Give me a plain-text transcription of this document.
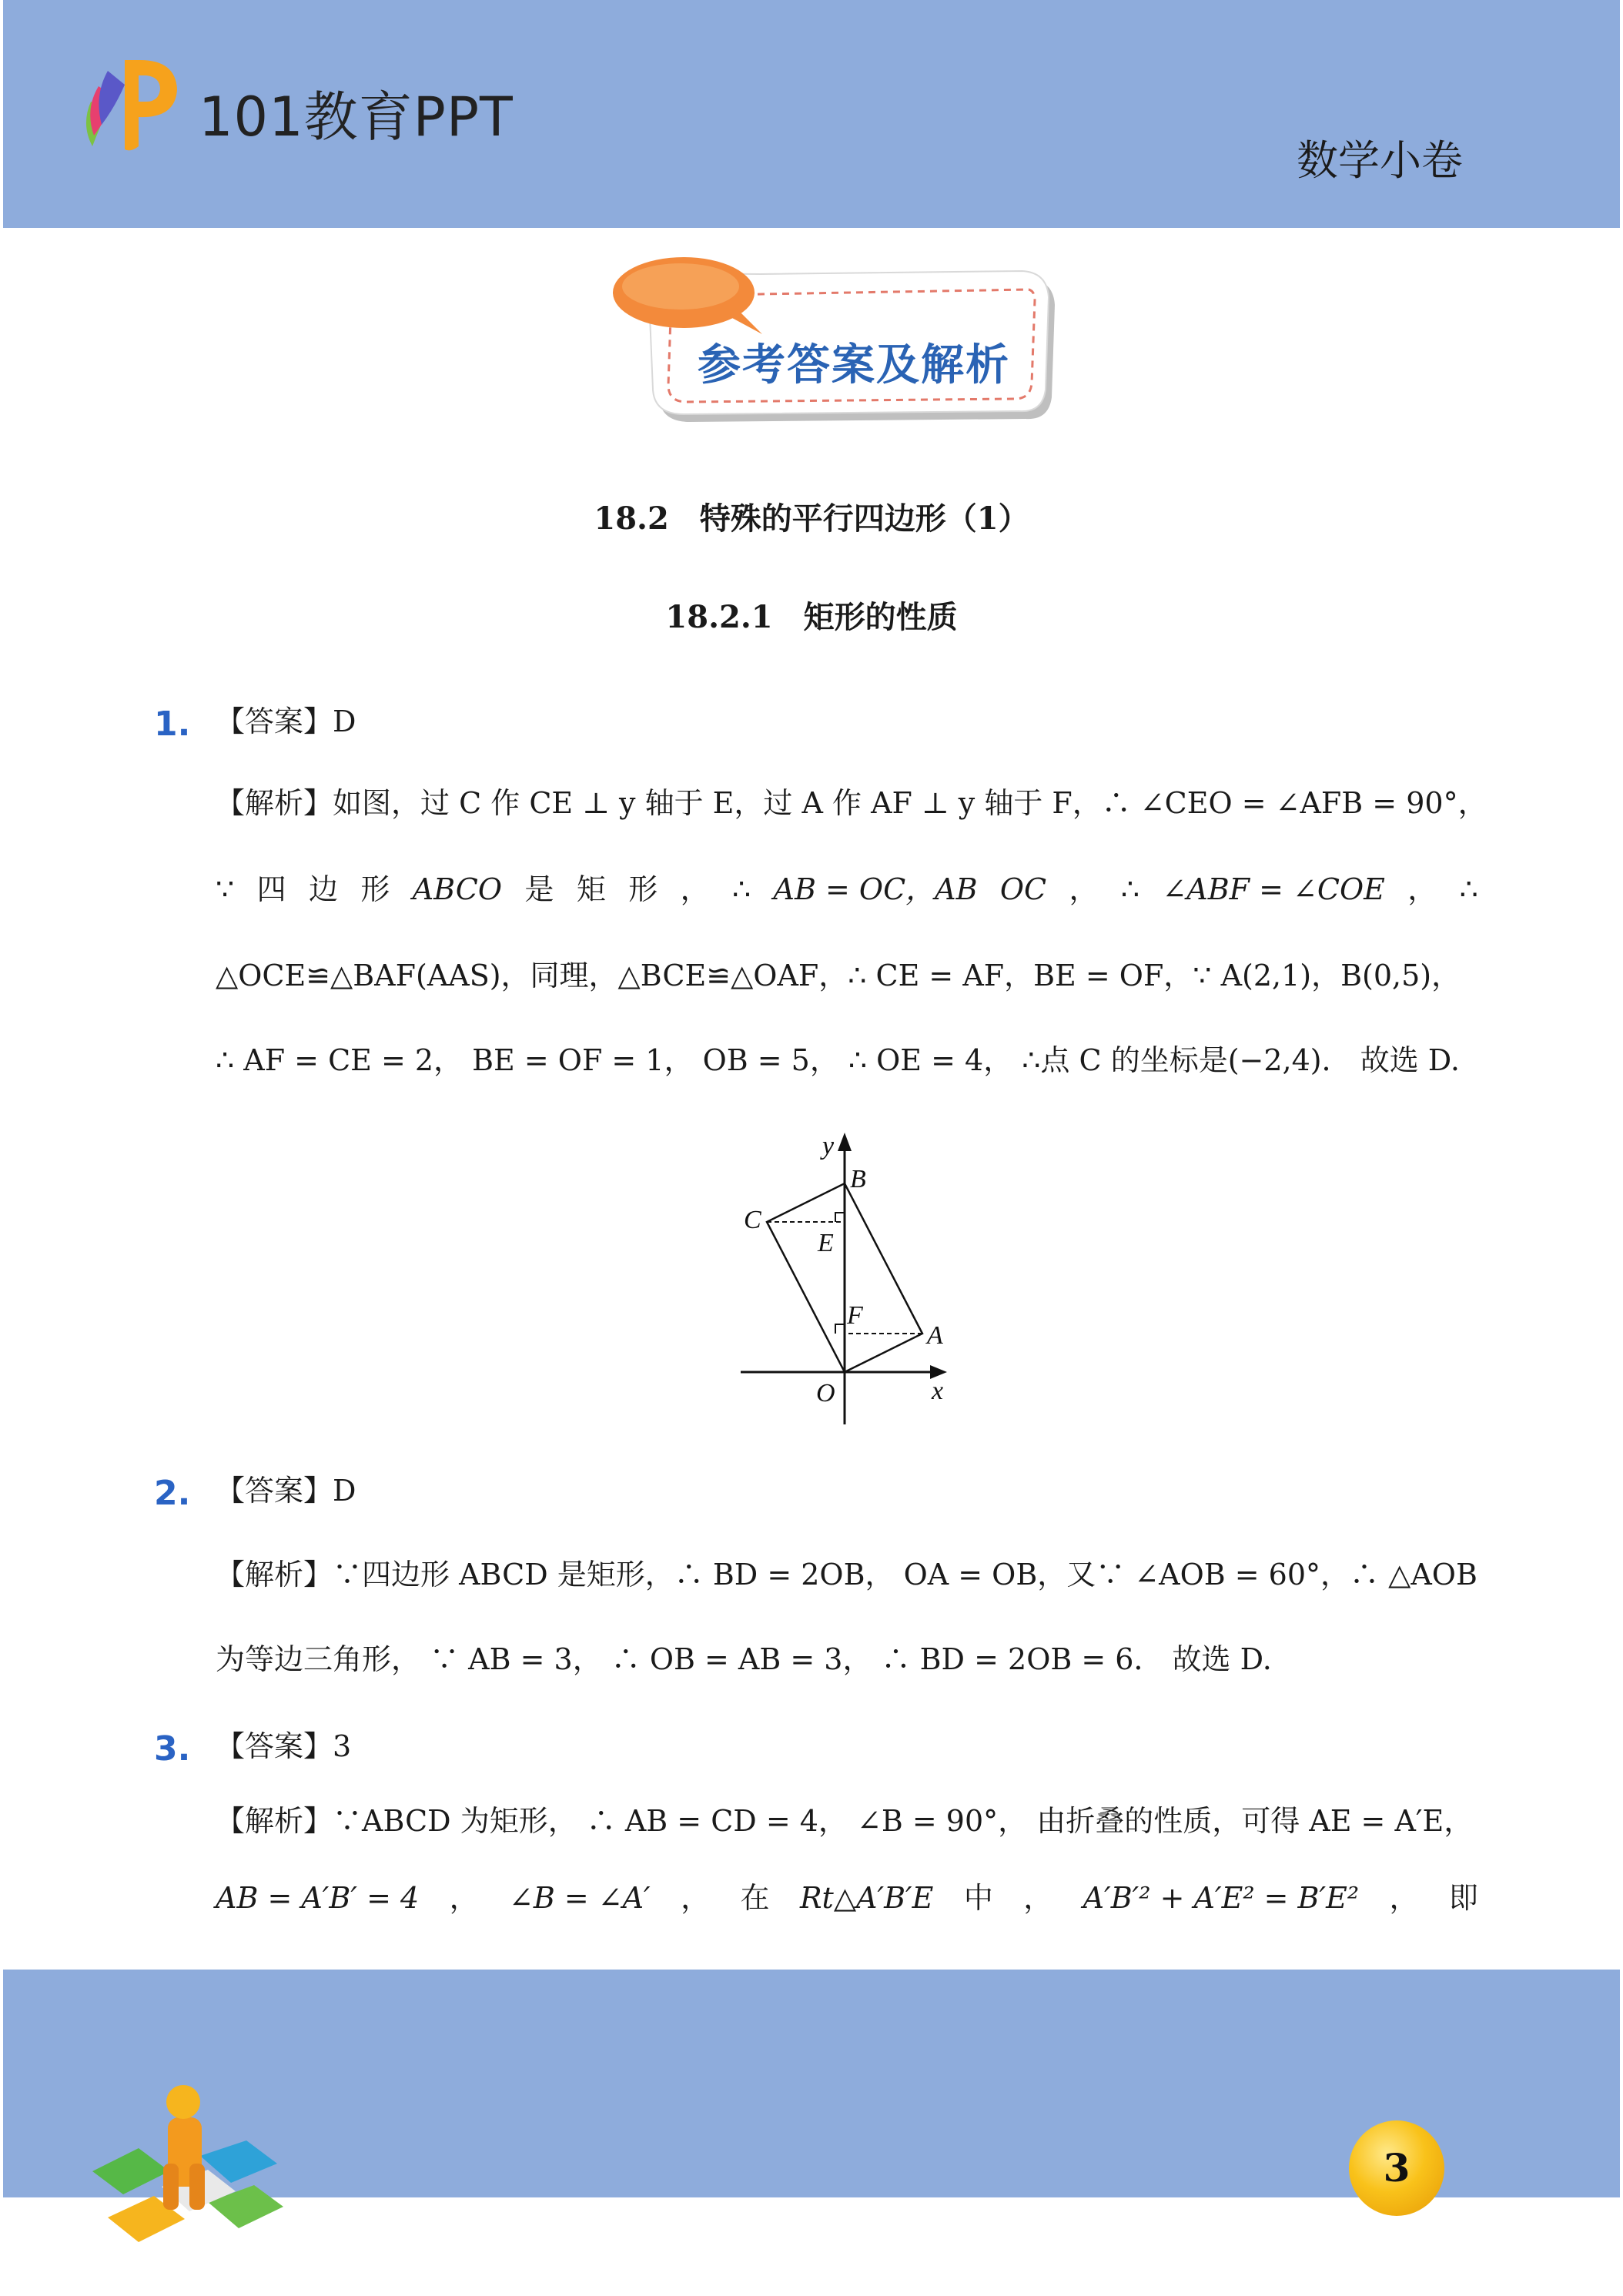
101教育PPT
数学小卷
参考答案及解析
18.2　特殊的平行四边形（1）
18.2.1　矩形的性质
1. 【答案】D
【解析】如图，过 C 作 CE ⊥ y 轴于 E，过 A 作 AF ⊥ y 轴于 F，∴ ∠CEO = ∠AFB = 90°，
∵ 四 边 形 ABCO 是 矩 形 ， ∴ AB = OC，AB OC ， ∴ ∠ABF = ∠COE ， ∴
△OCE≌△BAF(AAS)，同理，△BCE≌△OAF，∴ CE = AF，BE = OF，∵ A(2,1)，B(0,5)，
∴ AF = CE = 2， BE = OF = 1， OB = 5， ∴ OE = 4， ∴点 C 的坐标是(−2,4)． 故选 D.
y
B
C
E
F
A
O	x
2. 【答案】D
【解析】∵四边形 ABCD 是矩形，∴ BD = 2OB， OA = OB，又∵ ∠AOB = 60°，∴ △AOB
为等边三角形， ∵ AB = 3， ∴ OB = AB = 3， ∴ BD = 2OB = 6． 故选 D.
3. 【答案】3
【解析】∵ABCD 为矩形， ∴ AB = CD = 4， ∠B = 90°， 由折叠的性质，可得 AE = A′E，
AB = A′B′ = 4 ， ∠B = ∠A′ ， 在 Rt△A′B′E 中 ， A′B′² + A′E² = B′E² ， 即
3
